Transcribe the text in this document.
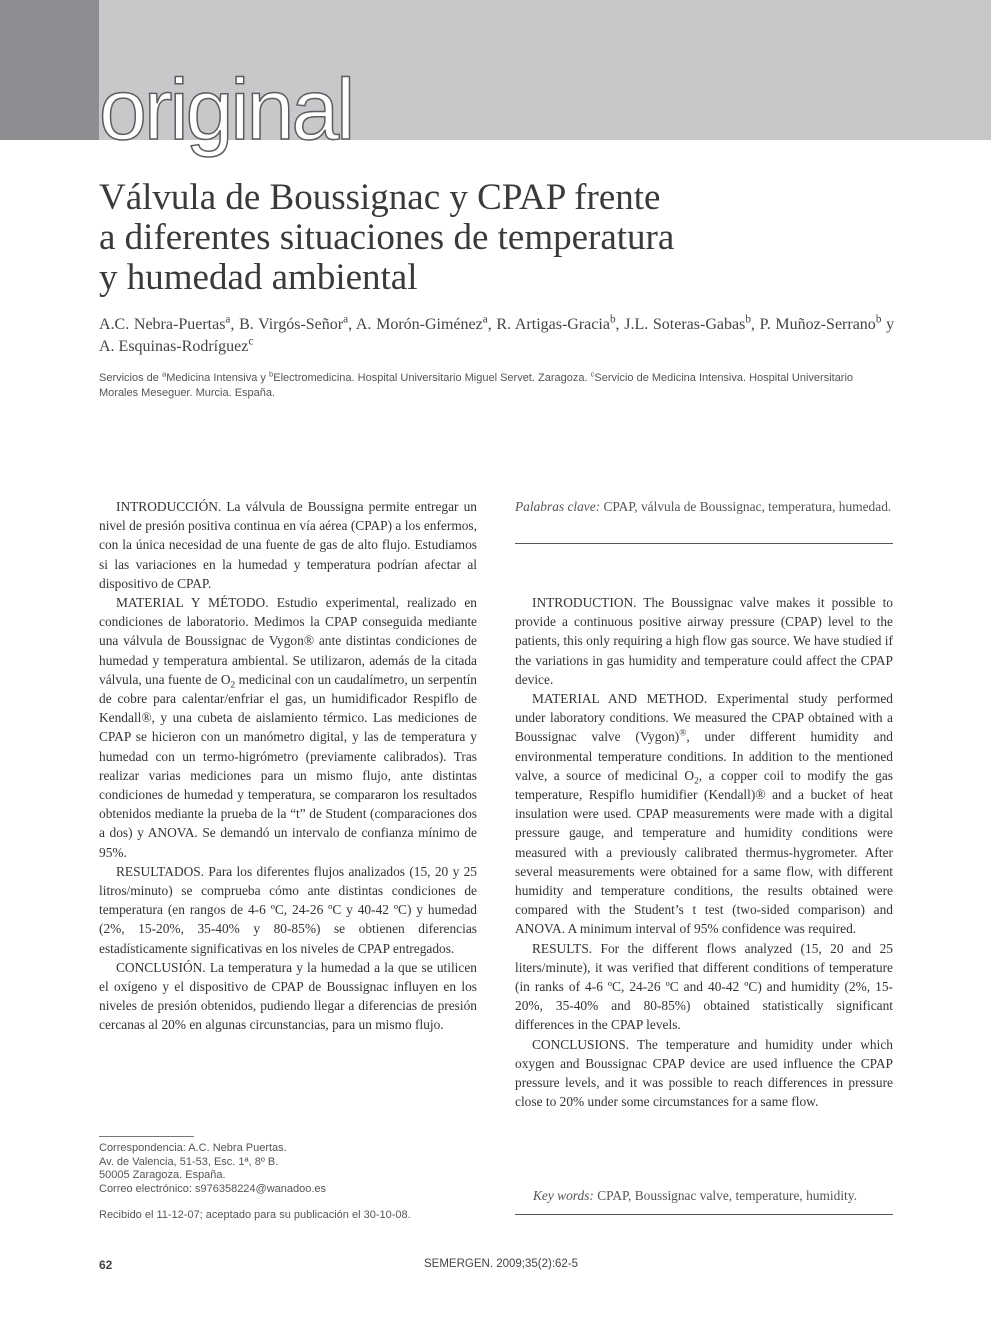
original
Válvula de Boussignac y CPAP frente
a diferentes situaciones de temperatura
y humedad ambiental
A.C. Nebra-Puertas$^a$, B. Virgós-Señor$^a$, A. Morón-Giménez$^a$, R. Artigas-Gracia$^b$, J.L. Soteras-Gabas$^b$, P. Muñoz-Serrano$^b$ y A. Esquinas-Rodríguez$^c$
Servicios de $^a$Medicina Intensiva y $^b$Electromedicina. Hospital Universitario Miguel Servet. Zaragoza. $^c$Servicio de Medicina Intensiva. Hospital Universitario Morales Meseguer. Murcia. España.

INTRODUCCIÓN. La válvula de Boussigna permite entregar un nivel de presión positiva continua en vía aérea (CPAP) a los enfermos, con la única necesidad de una fuente de gas de alto flujo. Estudiamos si las variaciones en la humedad y temperatura podrían afectar al dispositivo de CPAP.

MATERIAL Y MÉTODO. Estudio experimental, realizado en condiciones de laboratorio. Medimos la CPAP conseguida mediante una válvula de Boussignac de Vygon® ante distintas condiciones de humedad y temperatura ambiental. Se utilizaron, además de la citada válvula, una fuente de $O_2$ medicinal con un caudalímetro, un serpentín de cobre para calentar/enfriar el gas, un humidificador Respiflo de Kendall®, y una cubeta de aislamiento térmico. Las mediciones de CPAP se hicieron con un manómetro digital, y las de temperatura y humedad con un termo-higrómetro (previamente calibrados). Tras realizar varias mediciones para un mismo flujo, ante distintas condiciones de humedad y temperatura, se compararon los resultados obtenidos mediante la prueba de la “t” de Student (comparaciones dos a dos) y ANOVA. Se demandó un intervalo de confianza mínimo de 95%.

RESULTADOS. Para los diferentes flujos analizados (15, 20 y 25 litros/minuto) se comprueba cómo ante distintas condiciones de temperatura (en rangos de 4-6 ºC, 24-26 ºC y 40-42 ºC) y humedad (2%, 15-20%, 35-40% y 80-85%) se obtienen diferencias estadísticamente significativas en los niveles de CPAP entregados.

CONCLUSIÓN. La temperatura y la humedad a la que se utilicen el oxígeno y el dispositivo de CPAP de Boussignac influyen en los niveles de presión obtenidos, pudiendo llegar a diferencias de presión cercanas al 20% en algunas circunstancias, para un mismo flujo.

Palabras clave: CPAP, válvula de Boussignac, temperatura, humedad.

INTRODUCTION. The Boussignac valve makes it possible to provide a continuous positive airway pressure (CPAP) level to the patients, this only requiring a high flow gas source. We have studied if the variations in gas humidity and temperature could affect the CPAP device.

MATERIAL AND METHOD. Experimental study performed under laboratory conditions. We measured the CPAP obtained with a Boussignac valve (Vygon)®, under different humidity and environmental temperature conditions. In addition to the mentioned valve, a source of medicinal $O_2$, a copper coil to modify the gas temperature, Respiflo humidifier (Kendall)® and a bucket of heat insulation were used. CPAP measurements were made with a digital pressure gauge, and temperature and humidity conditions were measured with a previously calibrated thermus-hygrometer. After several measurements were obtained for a same flow, with different humidity and temperature conditions, the results obtained were compared with the Student’s t test (two-sided comparison) and ANOVA. A minimum interval of 95% confidence was required.

RESULTS. For the different flows analyzed (15, 20 and 25 liters/minute), it was verified that different conditions of temperature (in ranks of 4-6 ºC, 24-26 ºC and 40-42 ºC) and humidity (2%, 15-20%, 35-40% and 80-85%) obtained statistically significant differences in the CPAP levels.

CONCLUSIONS. The temperature and humidity under which oxygen and Boussignac CPAP device are used influence the CPAP pressure levels, and it was possible to reach differences in pressure close to 20% under some circumstances for a same flow.

Key words: CPAP, Boussignac valve, temperature, humidity.
Correspondencia: A.C. Nebra Puertas.
Av. de Valencia, 51-53, Esc. 1ª, 8º B.
50005 Zaragoza. España.
Correo electrónico: s976358224@wanadoo.es
Recibido el 11-12-07; aceptado para su publicación el 30-10-08.
62	SEMERGEN. 2009;35(2):62-5
